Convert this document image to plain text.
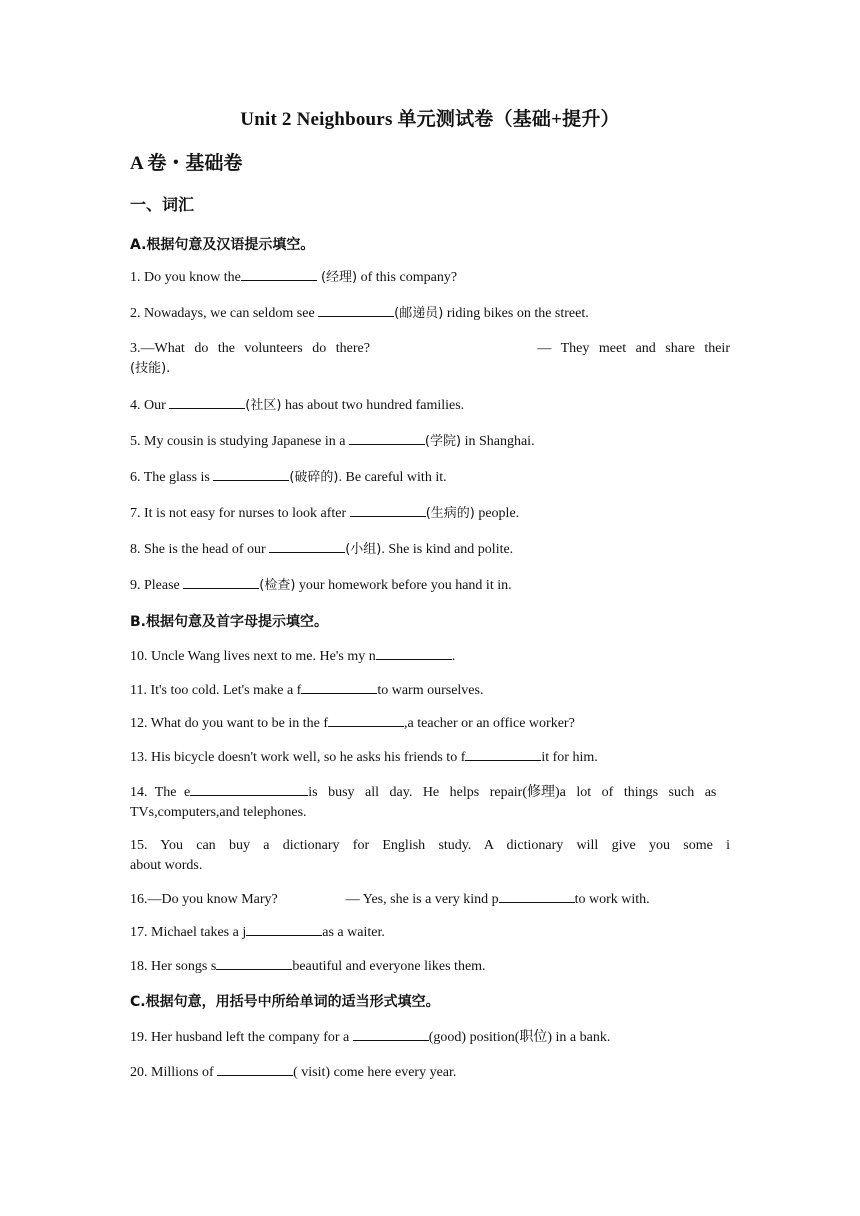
Unit 2 Neighbours 单元测试卷（基础+提升）
A 卷・基础卷
一、词汇
A.根据句意及汉语提示填空。
1. Do you know the	(经理) of this company?
2. Nowadays, we can seldom see	(邮递员) riding bikes on the street.
3.—What do the volunteers do there?	— They meet and share their
(技能).
4. Our	(社区) has about two hundred families.
5. My cousin is studying Japanese in a	(学院) in Shanghai.
6. The glass is	(破碎的). Be careful with it.
7. It is not easy for nurses to look after	(生病的) people.
8. She is the head of our	(小组). She is kind and polite.
9. Please	(检查) your homework before you hand it in.
B.根据句意及首字母提示填空。
10. Uncle Wang lives next to me. He's my n	.
11. It's too cold. Let's make a f	to warm ourselves.
12. What do you want to be in the f	,a teacher or an office worker?
13. His bicycle doesn't work well, so he asks his friends to f	it for him.
14. The e	is busy all day. He helps repair(修理)a lot of things such as
TVs,computers,and telephones.
15. You can buy a dictionary for English study. A dictionary will give you some i
about words.
16.—Do you know Mary?	— Yes, she is a very kind p	to work with.
17. Michael takes a j	as a waiter.
18. Her songs s	beautiful and everyone likes them.
C.根据句意，用括号中所给单词的适当形式填空。
19. Her husband left the company for a	(good) position(职位) in a bank.
20. Millions of	( visit) come here every year.
